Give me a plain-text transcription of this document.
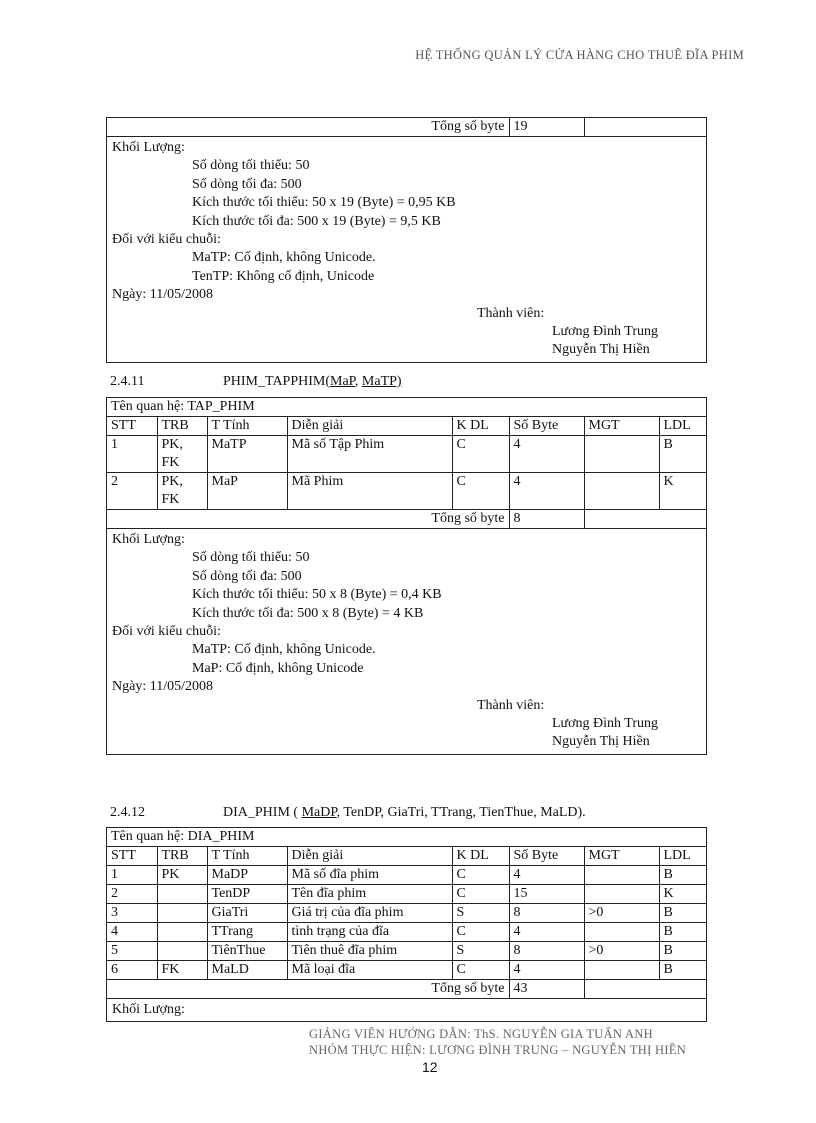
HỆ THỐNG QUẢN LÝ CỬA HÀNG CHO THUÊ ĐĨA PHIM
Tổng số byte	19	
Khối Lượng:
Số dòng tối thiểu: 50
Số dòng tối đa: 500
Kích thước tối thiểu: 50 x 19 (Byte) = 0,95 KB
Kích thước tối đa: 500 x 19 (Byte) = 9,5 KB
Đối với kiểu chuỗi:
MaTP: Cố định, không Unicode.
TenTP: Không cố định, Unicode
Ngày: 11/05/2008
Thành viên:
Lương Đình Trung
Nguyễn Thị Hiền
2.4.11	PHIM_TAPPHIM(MaP, MaTP)
Tên quan hệ: TAP_PHIM
STT	TRB	T Tính	Diễn giải	K DL	Số Byte	MGT	LDL
1	PK, FK	MaTP	Mã số Tập Phim	C	4		B
2	PK, FK	MaP	Mã Phim	C	4		K
Tổng số byte	8	
Khối Lượng:
Số dòng tối thiểu: 50
Số dòng tối đa: 500
Kích thước tối thiểu: 50 x 8 (Byte) = 0,4 KB
Kích thước tối đa: 500 x 8 (Byte) = 4 KB
Đối với kiểu chuỗi:
MaTP: Cố định, không Unicode.
MaP: Cố định, không Unicode
Ngày: 11/05/2008
Thành viên:
Lương Đình Trung
Nguyễn Thị Hiền
2.4.12	DIA_PHIM ( MaDP, TenDP, GiaTri, TTrang, TienThue, MaLD).
Tên quan hệ: DIA_PHIM
STT	TRB	T Tính	Diễn giải	K DL	Số Byte	MGT	LDL
1	PK	MaDP	Mã số đĩa phim	C	4		B
2		TenDP	Tên đĩa phim	C	15		K
3		GiaTri	Giá trị của đĩa phim	S	8	>0	B
4		TTrang	tình trạng của đĩa	C	4		B
5		TiênThue	Tiên thuê đĩa phim	S	8	>0	B
6	FK	MaLD	Mã loại đĩa	C	4		B
Tổng số byte	43	
Khối Lượng:
GIẢNG VIÊN HƯỚNG DẪN: ThS. NGUYỄN GIA TUẤN ANH
NHÓM THỰC HIỆN: LƯƠNG ĐÌNH TRUNG – NGUYỄN THỊ HIỀN
12
